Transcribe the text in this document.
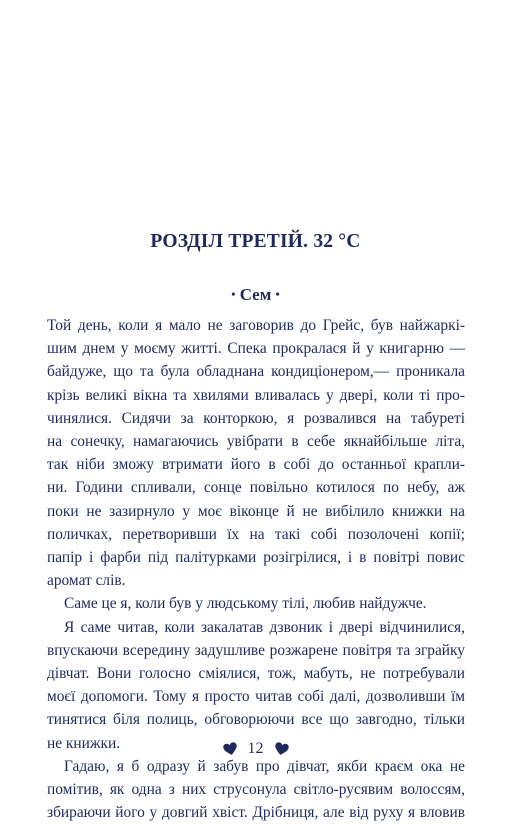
РОЗДІЛ ТРЕТІЙ. 32 °С
• Сем •

Той день, коли я мало не заговорив до Грейс, був найжаркі-
шим днем у моєму житті. Спека прокралася й у книгарню —
байдуже, що та була обладнана кондиціонером,— проникала
крізь великі вікна та хвилями вливалась у двері, коли ті про-
чинялися. Сидячи за конторкою, я розвалився на табуреті
на сонечку, намагаючись увібрати в себе якнайбільше літа,
так ніби зможу втримати його в собі до останньої крапли-
ни. Години спливали, сонце повільно котилося по небу, аж
поки не зазирнуло у моє віконце й не вибілило книжки на
поличках, перетворивши їх на такі собі позолочені копії;
папір і фарби під палітурками розігрілися, і в повітрі повис
аромат слів.

Саме це я, коли був у людському тілі, любив найдужче.

Я саме читав, коли закалатав дзвоник і двері відчинилися,
впускаючи всередину задушливе розжарене повітря та зграйку
дівчат. Вони голосно сміялися, тож, мабуть, не потребували
моєї допомоги. Тому я просто читав собі далі, дозволивши їм
тинятися біля полиць, обговорюючи все що завгодно, тільки
не книжки.

Гадаю, я б одразу й забув про дівчат, якби краєм ока не
помітив, як одна з них струсонула світло-русявим волоссям,
збираючи його у довгий хвіст. Дрібниця, але від руху я вловив

12
